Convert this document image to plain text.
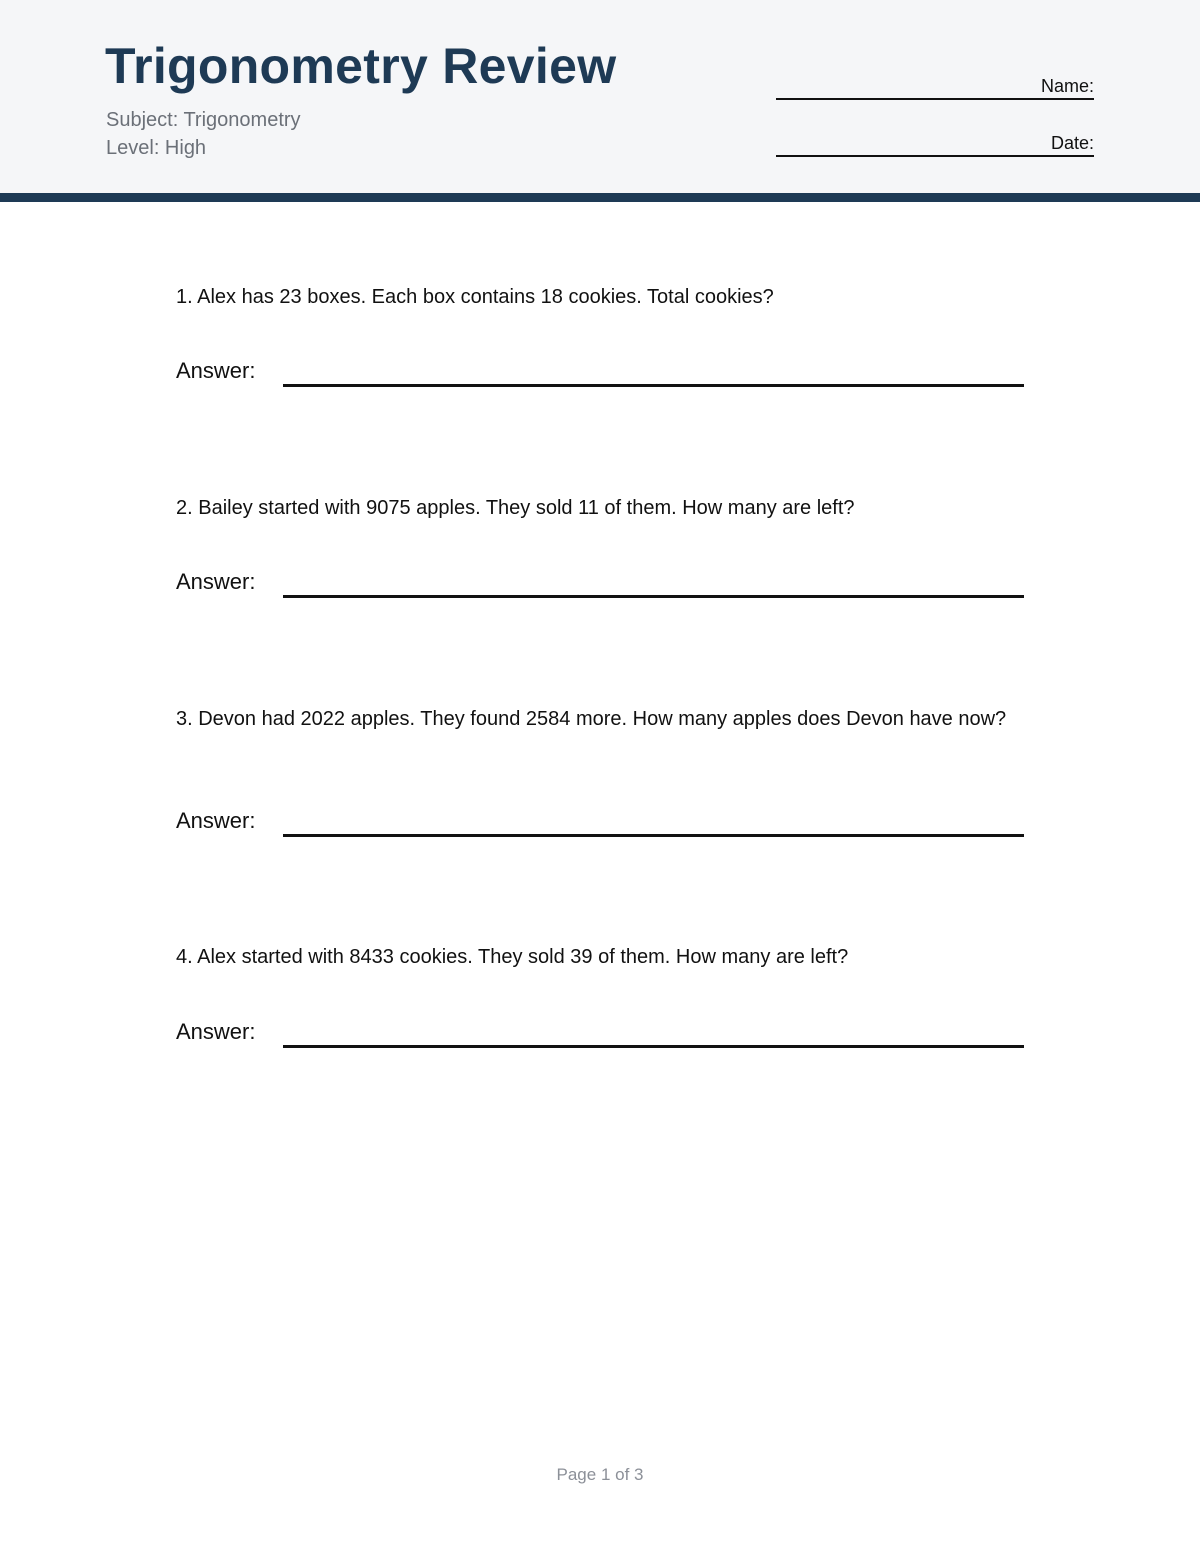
Trigonometry Review
Subject: Trigonometry
Level: High
Name:
Date:
1. Alex has 23 boxes. Each box contains 18 cookies. Total cookies?
Answer:
2. Bailey started with 9075 apples. They sold 11 of them. How many are left?
Answer:
3. Devon had 2022 apples. They found 2584 more. How many apples does Devon have now?
Answer:
4. Alex started with 8433 cookies. They sold 39 of them. How many are left?
Answer:
Page 1 of 3
